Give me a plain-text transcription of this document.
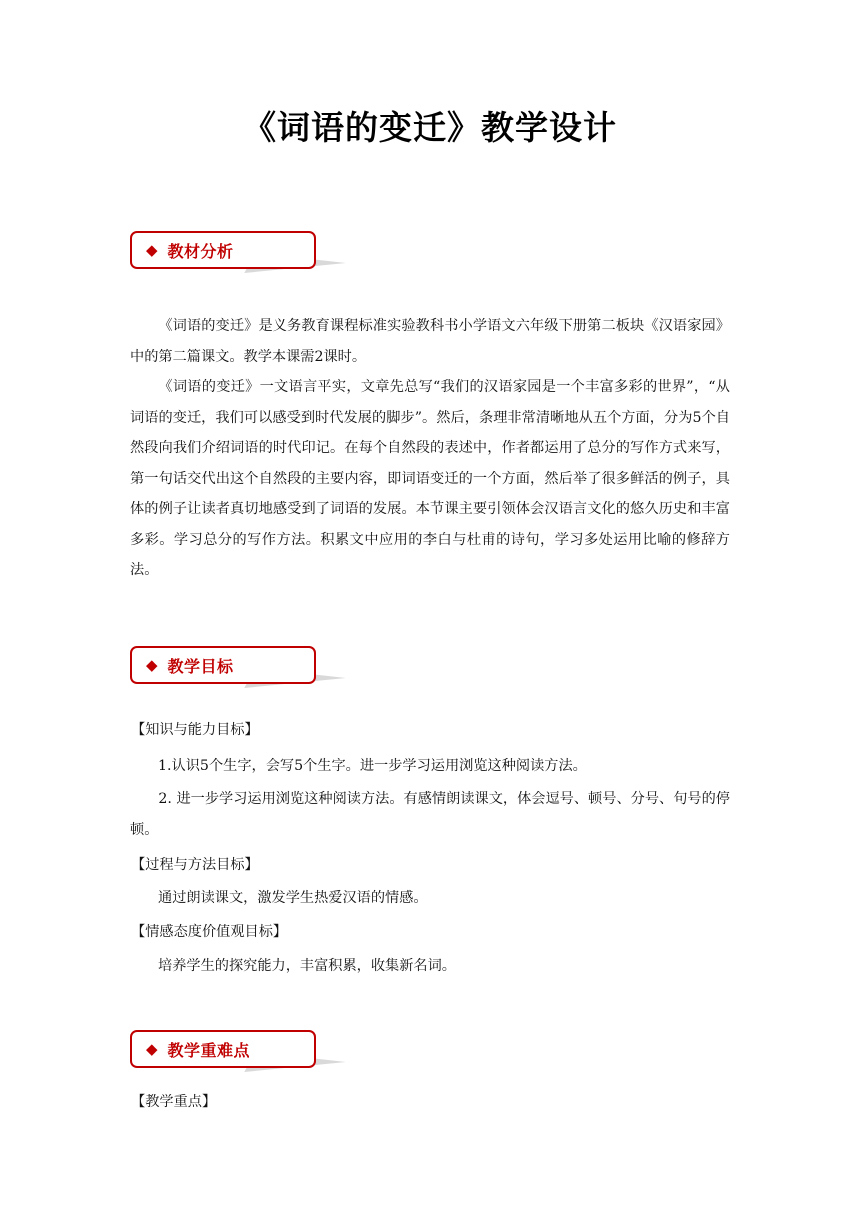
《词语的变迁》教学设计
◆ 教材分析

《词语的变迁》是义务教育课程标准实验教科书小学语文六年级下册第二板块《汉语家园》中的第二篇课文。教学本课需2课时。

《词语的变迁》一文语言平实，文章先总写“我们的汉语家园是一个丰富多彩的世界”，“从词语的变迁，我们可以感受到时代发展的脚步”。然后，条理非常清晰地从五个方面，分为5个自然段向我们介绍词语的时代印记。在每个自然段的表述中，作者都运用了总分的写作方式来写，第一句话交代出这个自然段的主要内容，即词语变迁的一个方面，然后举了很多鲜活的例子，具体的例子让读者真切地感受到了词语的发展。本节课主要引领体会汉语言文化的悠久历史和丰富多彩。学习总分的写作方法。积累文中应用的李白与杜甫的诗句，学习多处运用比喻的修辞方法。

◆ 教学目标

【知识与能力目标】

1.认识5个生字，会写5个生字。进一步学习运用浏览这种阅读方法。

2. 进一步学习运用浏览这种阅读方法。有感情朗读课文，体会逗号、顿号、分号、句号的停顿。

【过程与方法目标】

通过朗读课文，激发学生热爱汉语的情感。

【情感态度价值观目标】

培养学生的探究能力，丰富积累，收集新名词。

◆ 教学重难点

【教学重点】
